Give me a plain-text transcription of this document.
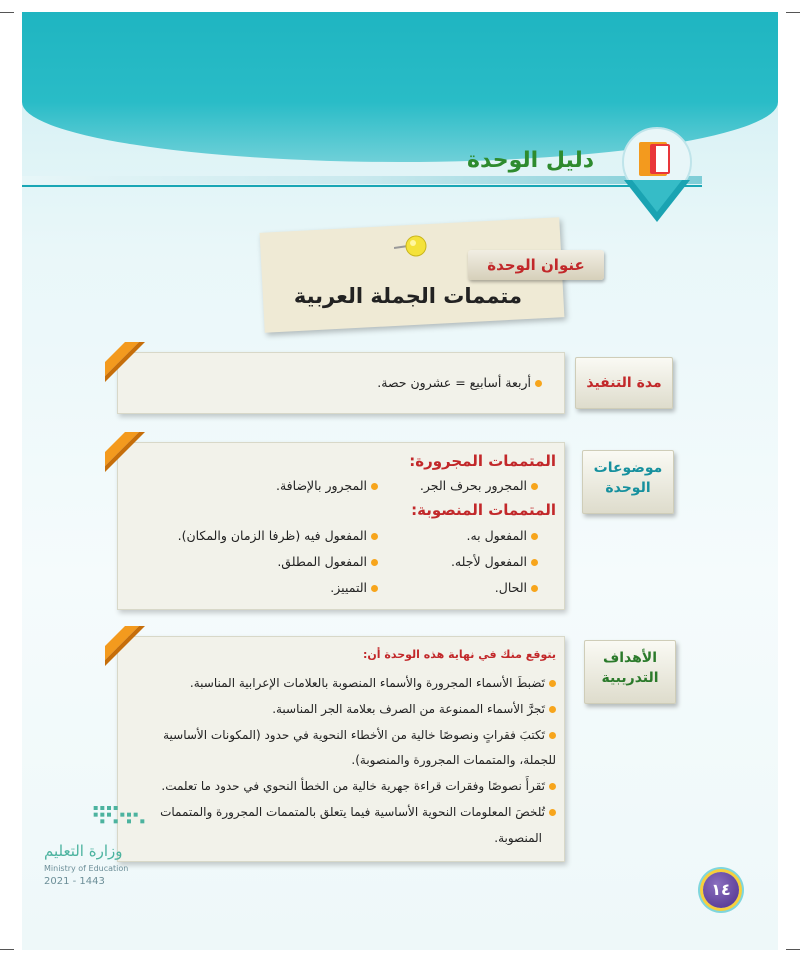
دليل الوحدة
عنوان الوحدة
متممات الجملة العربية
مدة التنفيذ
أربعة أسابيع = عشرون حصة.
موضوعات
الوحدة
المتممات المجرورة:
المجرور بحرف الجر.
المجرور بالإضافة.
المتممات المنصوبة:
المفعول به.
المفعول فيه (ظرفا الزمان والمكان).
المفعول لأجله.
المفعول المطلق.
الحال.
التمييز.
الأهداف
التدريبية
يتوقع منك في نهاية هذه الوحدة أن:
تَضبطَ الأسماء المجرورة والأسماء المنصوبة بالعلامات الإعرابية المناسبة.
تَجرَّ الأسماء الممنوعة من الصرف بعلامة الجر المناسبة.
تَكتبَ فقراتٍ ونصوصًا خالية من الأخطاء النحوية في حدود (المكونات الأساسية
للجملة، والمتممات المجرورة والمنصوبة).
تَقرأَ نصوصًا وفقرات قراءة جهرية خالية من الخطأ النحوي في حدود ما تعلمت.
تُلخصَ المعلومات النحوية الأساسية فيما يتعلق بالمتممات المجرورة والمتممات
المنصوبة.
وزارة التعليم
Ministry of Education
2021 - 1443	١٤
